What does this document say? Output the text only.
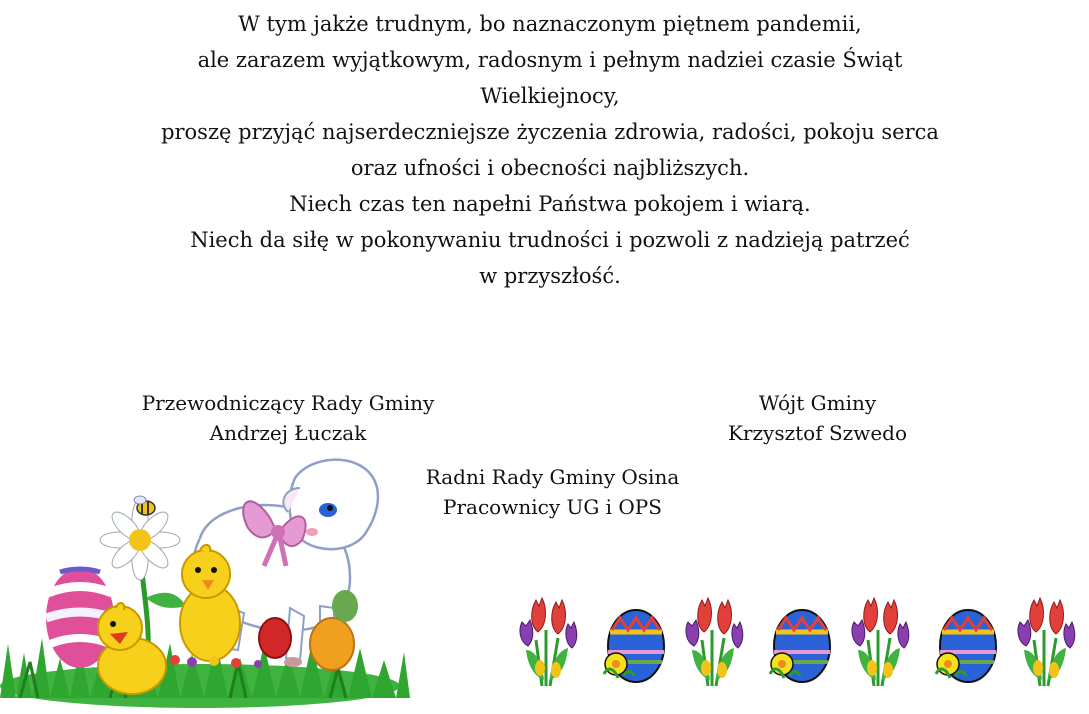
W tym jakże trudnym, bo naznaczonym piętnem pandemii,
ale zarazem wyjątkowym, radosnym i pełnym nadziei czasie Świąt
Wielkiejnocy,
proszę przyjąć najserdeczniejsze życzenia zdrowia, radości, pokoju serca
oraz ufności i obecności najbliższych.
Niech czas ten napełni Państwa pokojem i wiarą.
Niech da siłę w pokonywaniu trudności i pozwoli z nadzieją patrzeć
w przyszłość.
Przewodniczący Rady Gminy
Andrzej Łuczak
Wójt Gminy
Krzysztof Szwedo
Radni Rady Gminy Osina
Pracownicy UG i OPS
